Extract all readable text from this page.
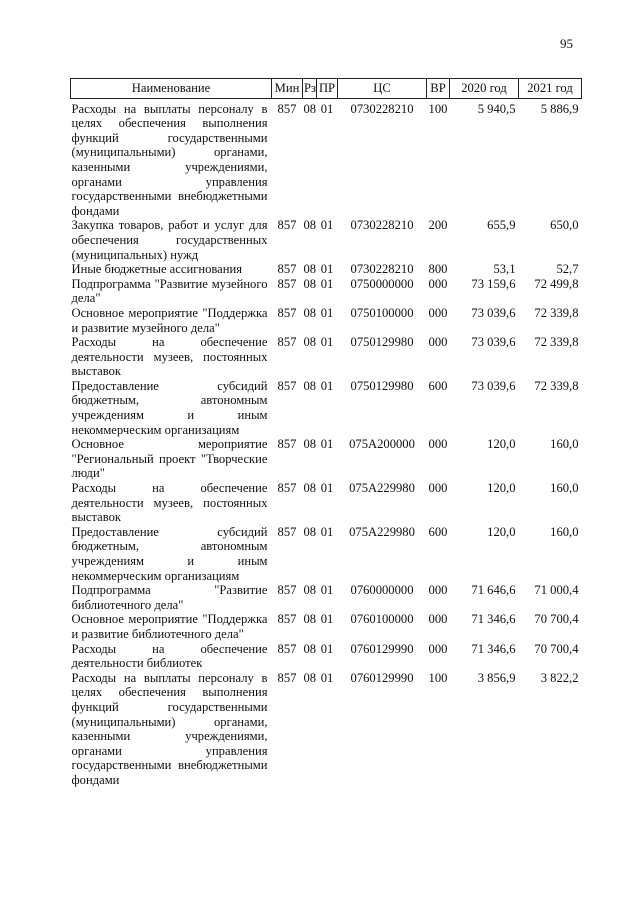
95
Наименование	Мин	Рз	ПР	ЦС	ВР	2020 год	2021 год
Расходы на выплаты персоналу в целях обеспечения выполнения функций государственными (муниципальными) органами, казенными учреждениями, органами управления государственными внебюджетными фондами	857	08	01	0730228210	100	5 940,5	5 886,9
Закупка товаров, работ и услуг для обеспечения государственных (муниципальных) нужд	857	08	01	0730228210	200	655,9	650,0
Иные бюджетные ассигнования	857	08	01	0730228210	800	53,1	52,7
Подпрограмма "Развитие музейного дела"	857	08	01	0750000000	000	73 159,6	72 499,8
Основное мероприятие "Поддержка и развитие музейного дела"	857	08	01	0750100000	000	73 039,6	72 339,8
Расходы на обеспечение деятельности музеев, постоянных выставок	857	08	01	0750129980	000	73 039,6	72 339,8
Предоставление субсидий бюджетным, автономным учреждениям и иным некоммерческим организациям	857	08	01	0750129980	600	73 039,6	72 339,8
Основное мероприятие "Региональный проект "Творческие люди"	857	08	01	075A200000	000	120,0	160,0
Расходы на обеспечение деятельности музеев, постоянных выставок	857	08	01	075A229980	000	120,0	160,0
Предоставление субсидий бюджетным, автономным учреждениям и иным некоммерческим организациям	857	08	01	075A229980	600	120,0	160,0
Подпрограмма "Развитие библиотечного дела"	857	08	01	0760000000	000	71 646,6	71 000,4
Основное мероприятие "Поддержка и развитие библиотечного дела"	857	08	01	0760100000	000	71 346,6	70 700,4
Расходы на обеспечение деятельности библиотек	857	08	01	0760129990	000	71 346,6	70 700,4
Расходы на выплаты персоналу в целях обеспечения выполнения функций государственными (муниципальными) органами, казенными учреждениями, органами управления государственными внебюджетными фондами	857	08	01	0760129990	100	3 856,9	3 822,2
